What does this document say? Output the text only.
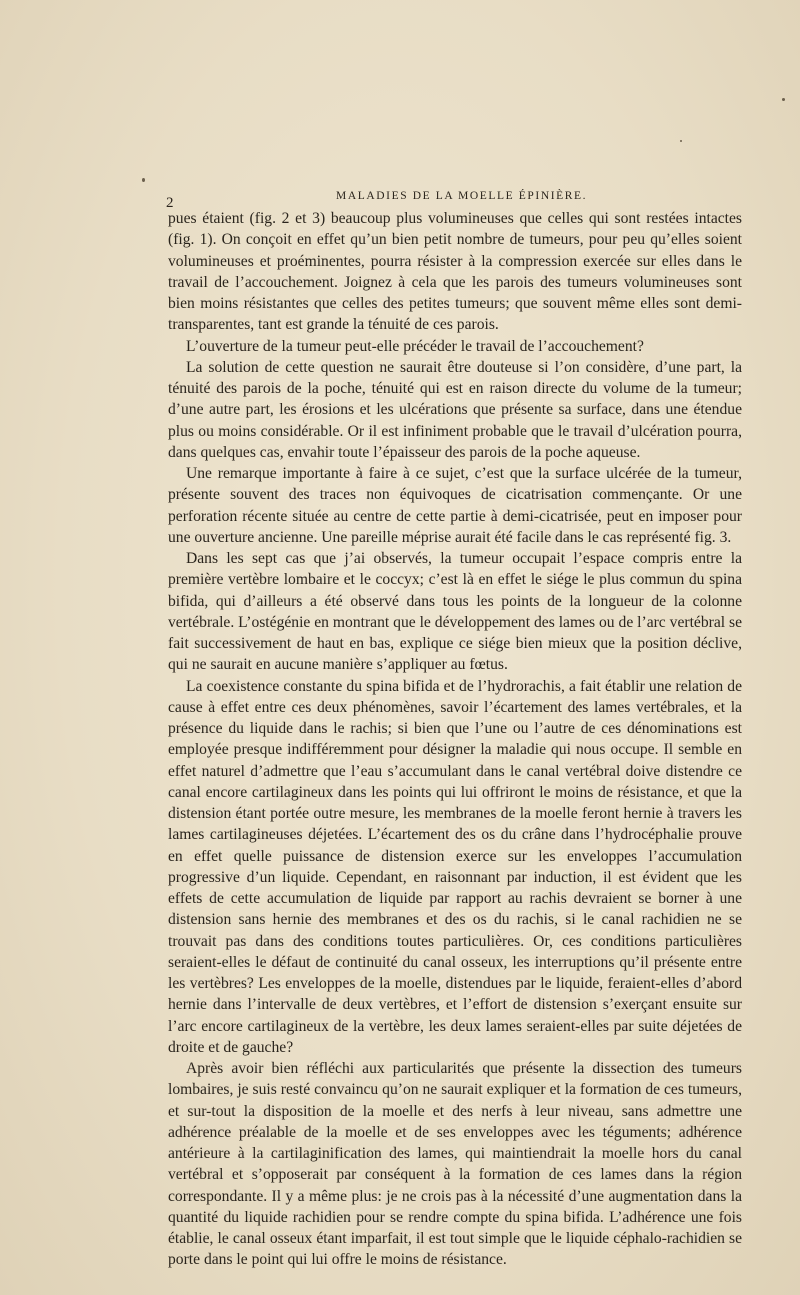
2	MALADIES DE LA MOELLE ÉPINIÈRE.

pues étaient (fig. 2 et 3) beaucoup plus volumineuses que celles qui sont restées intactes (fig. 1). On conçoit en effet qu’un bien petit nombre de tumeurs, pour peu qu’elles soient volumineuses et proéminentes, pourra résister à la compression exercée sur elles dans le travail de l’accouchement. Joignez à cela que les parois des tumeurs volumineuses sont bien moins résistantes que celles des petites tumeurs; que souvent même elles sont demi-transparentes, tant est grande la ténuité de ces parois.

L’ouverture de la tumeur peut-elle précéder le travail de l’accouchement?

La solution de cette question ne saurait être douteuse si l’on considère, d’une part, la ténuité des parois de la poche, ténuité qui est en raison directe du volume de la tumeur; d’une autre part, les érosions et les ulcérations que présente sa surface, dans une étendue plus ou moins considérable. Or il est infiniment probable que le travail d’ulcération pourra, dans quelques cas, envahir toute l’épaisseur des parois de la poche aqueuse.

Une remarque importante à faire à ce sujet, c’est que la surface ulcérée de la tumeur, présente souvent des traces non équivoques de cicatrisation commençante. Or une perforation récente située au centre de cette partie à demi-cicatrisée, peut en imposer pour une ouverture ancienne. Une pareille méprise aurait été facile dans le cas représenté fig. 3.

Dans les sept cas que j’ai observés, la tumeur occupait l’espace compris entre la première vertèbre lombaire et le coccyx; c’est là en effet le siége le plus commun du spina bifida, qui d’ailleurs a été observé dans tous les points de la longueur de la colonne vertébrale. L’ostégénie en montrant que le développement des lames ou de l’arc vertébral se fait successivement de haut en bas, explique ce siége bien mieux que la position déclive, qui ne saurait en aucune manière s’appliquer au fœtus.

La coexistence constante du spina bifida et de l’hydrorachis, a fait établir une relation de cause à effet entre ces deux phénomènes, savoir l’écartement des lames vertébrales, et la présence du liquide dans le rachis; si bien que l’une ou l’autre de ces dénominations est employée presque indifféremment pour désigner la maladie qui nous occupe. Il semble en effet naturel d’admettre que l’eau s’accumulant dans le canal vertébral doive distendre ce canal encore cartilagineux dans les points qui lui offriront le moins de résistance, et que la distension étant portée outre mesure, les membranes de la moelle feront hernie à travers les lames cartilagineuses déjetées. L’écartement des os du crâne dans l’hydrocéphalie prouve en effet quelle puissance de distension exerce sur les enveloppes l’accumulation progressive d’un liquide. Cependant, en raisonnant par induction, il est évident que les effets de cette accumulation de liquide par rapport au rachis devraient se borner à une distension sans hernie des membranes et des os du rachis, si le canal rachidien ne se trouvait pas dans des conditions toutes particulières. Or, ces conditions particulières seraient-elles le défaut de continuité du canal osseux, les interruptions qu’il présente entre les vertèbres? Les enveloppes de la moelle, distendues par le liquide, feraient-elles d’abord hernie dans l’intervalle de deux vertèbres, et l’effort de distension s’exerçant ensuite sur l’arc encore cartilagineux de la vertèbre, les deux lames seraient-elles par suite déjetées de droite et de gauche?

Après avoir bien réfléchi aux particularités que présente la dissection des tumeurs lombaires, je suis resté convaincu qu’on ne saurait expliquer et la formation de ces tumeurs, et sur-tout la disposition de la moelle et des nerfs à leur niveau, sans admettre une adhérence préalable de la moelle et de ses enveloppes avec les téguments; adhérence antérieure à la cartilaginification des lames, qui maintiendrait la moelle hors du canal vertébral et s’opposerait par conséquent à la formation de ces lames dans la région correspondante. Il y a même plus: je ne crois pas à la nécessité d’une augmentation dans la quantité du liquide rachidien pour se rendre compte du spina bifida. L’adhérence une fois établie, le canal osseux étant imparfait, il est tout simple que le liquide céphalo-rachidien se porte dans le point qui lui offre le moins de résistance.
